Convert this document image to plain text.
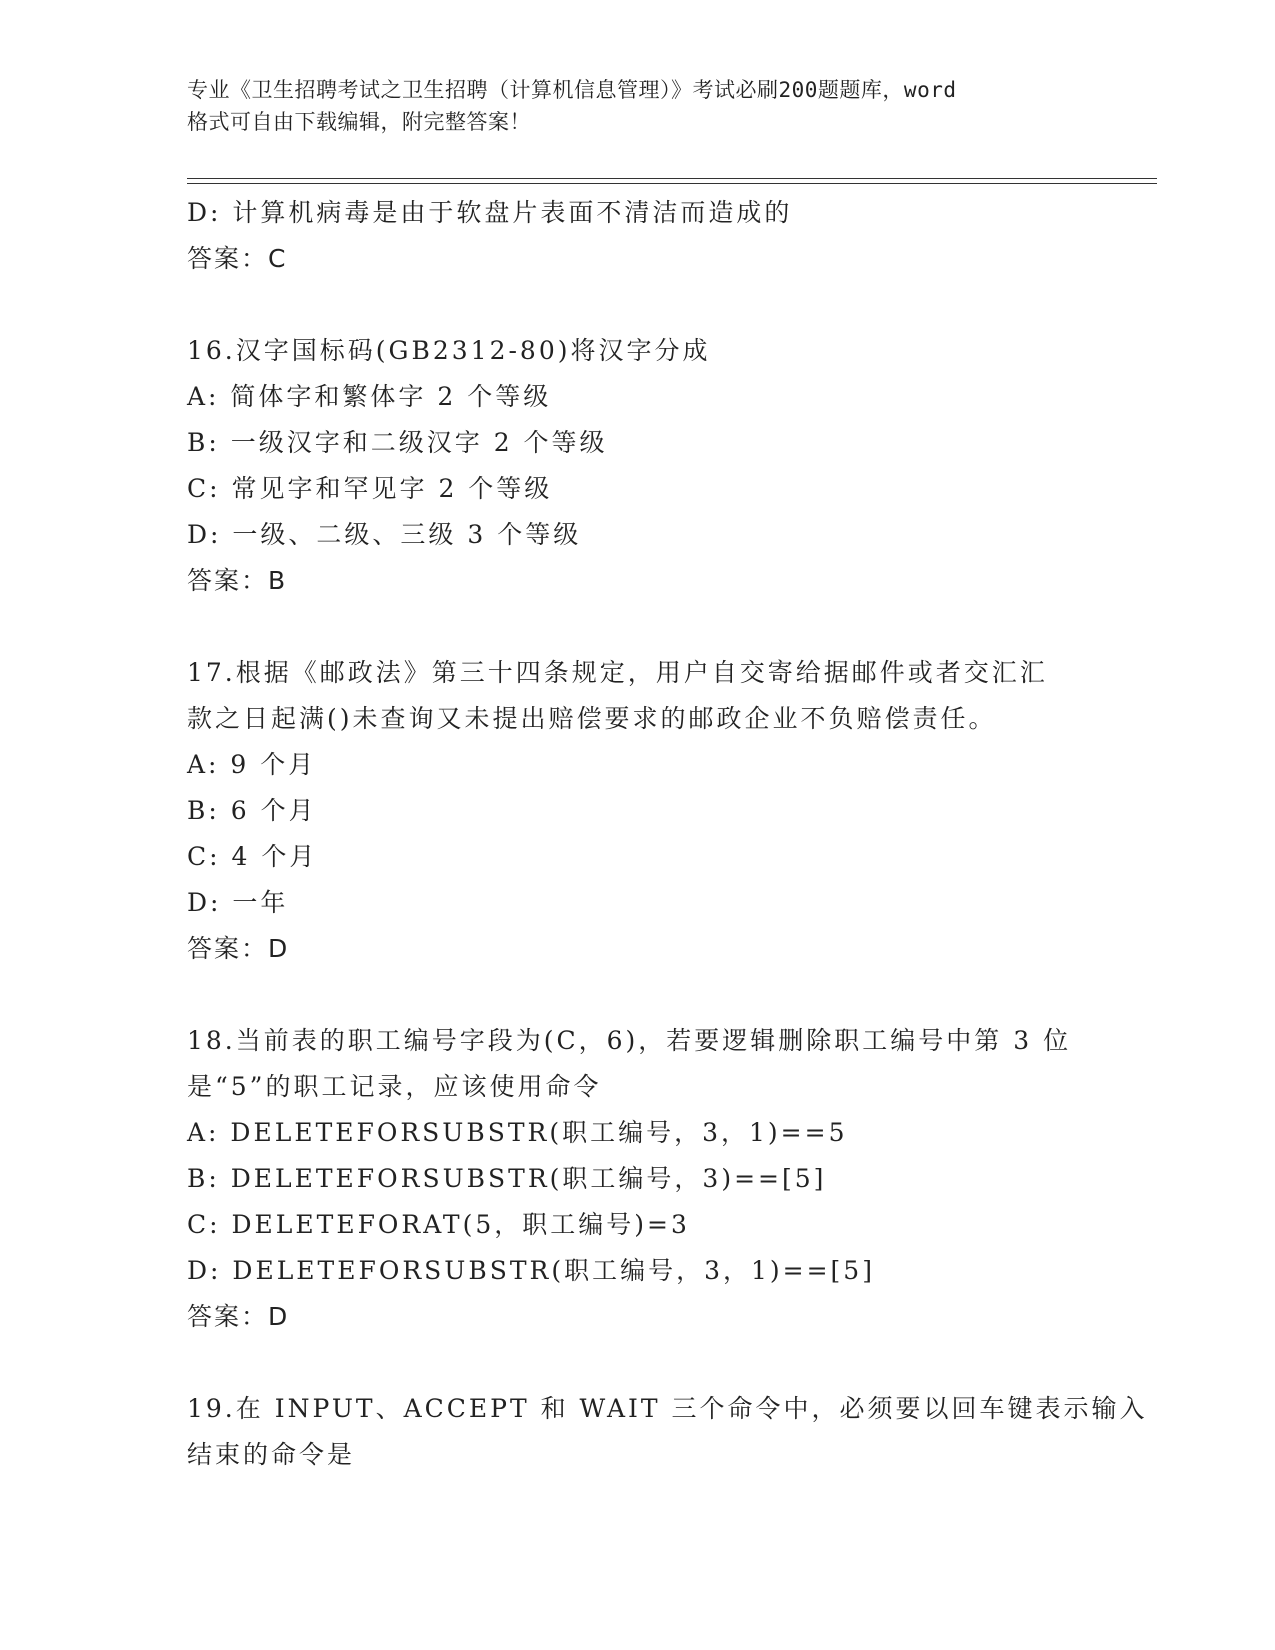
专业《卫生招聘考试之卫生招聘（计算机信息管理）》考试必刷200题题库，word
格式可自由下载编辑，附完整答案！
D: 计算机病毒是由于软盘片表面不清洁而造成的
答案：C
16.汉字国标码(GB2312-80)将汉字分成
A: 简体字和繁体字 2 个等级
B: 一级汉字和二级汉字 2 个等级
C: 常见字和罕见字 2 个等级
D: 一级、二级、三级 3 个等级
答案：B
17.根据《邮政法》第三十四条规定，用户自交寄给据邮件或者交汇汇
款之日起满()未查询又未提出赔偿要求的邮政企业不负赔偿责任。
A: 9 个月
B: 6 个月
C: 4 个月
D: 一年
答案：D
18.当前表的职工编号字段为(C，6)，若要逻辑删除职工编号中第 3 位
是“5”的职工记录，应该使用命令
A: DELETEFORSUBSTR(职工编号，3，1)==5
B: DELETEFORSUBSTR(职工编号，3)==[5]
C: DELETEFORAT(5，职工编号)=3
D: DELETEFORSUBSTR(职工编号，3，1)==[5]
答案：D
19.在 INPUT、ACCEPT 和 WAIT 三个命令中，必须要以回车键表示输入
结束的命令是
